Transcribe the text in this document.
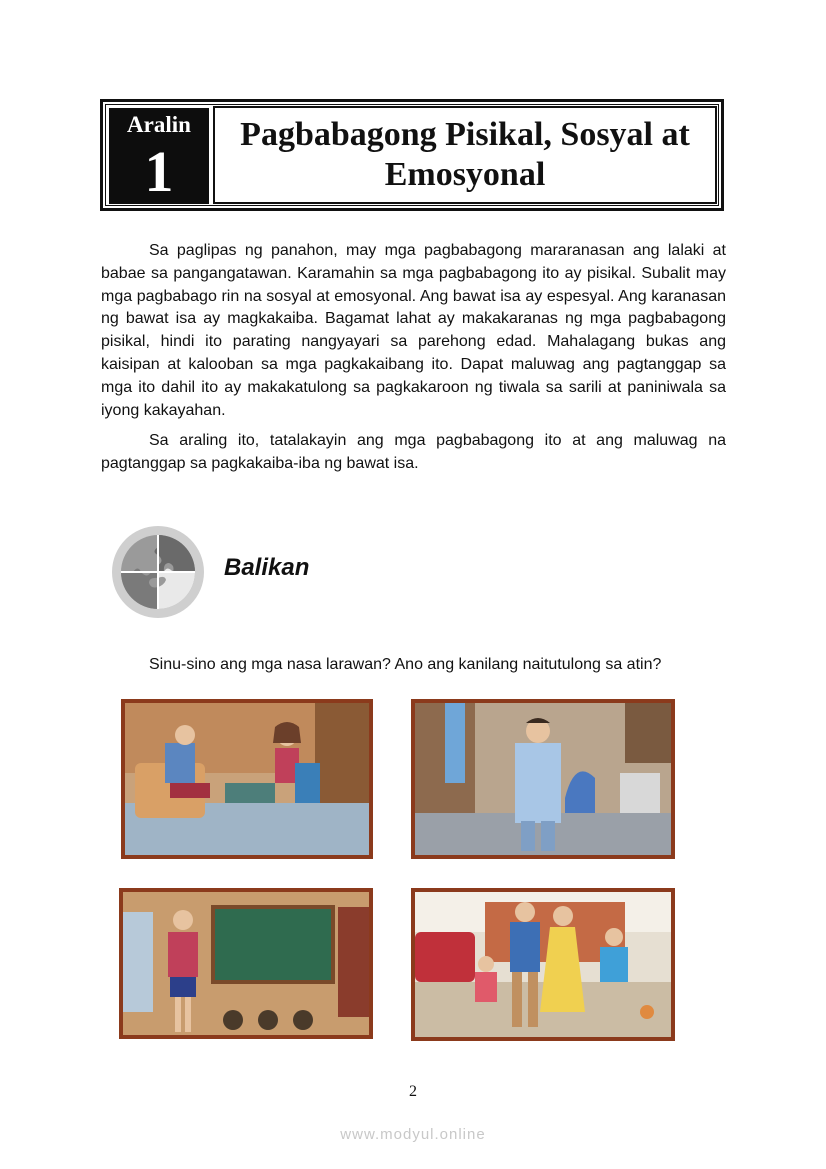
Aralin
1
Pagbabagong Pisikal, Sosyal at Emosyonal

Sa paglipas ng panahon, may mga pagbabagong mararanasan ang lalaki at babae sa pangangatawan. Karamahin sa mga pagbabagong ito ay pisikal. Subalit may mga pagbabago rin na sosyal at emosyonal. Ang bawat isa ay espesyal. Ang karanasan ng bawat isa ay magkakaiba. Bagamat lahat ay makakaranas ng mga pagbabagong pisikal, hindi ito parating nangyayari sa parehong edad. Mahalagang bukas ang kaisipan at kalooban sa mga pagkakaibang ito. Dapat maluwag ang pagtanggap sa mga ito dahil ito ay makakatulong sa pagkakaroon ng tiwala sa sarili at paniniwala sa iyong kakayahan.

Sa araling ito, tatalakayin ang mga pagbabagong ito at ang maluwag na pagtanggap sa pagkakaiba-iba ng bawat isa.

Balikan
Sinu-sino ang mga nasa larawan? Ano ang kanilang naitutulong sa atin?
2
www.modyul.online
